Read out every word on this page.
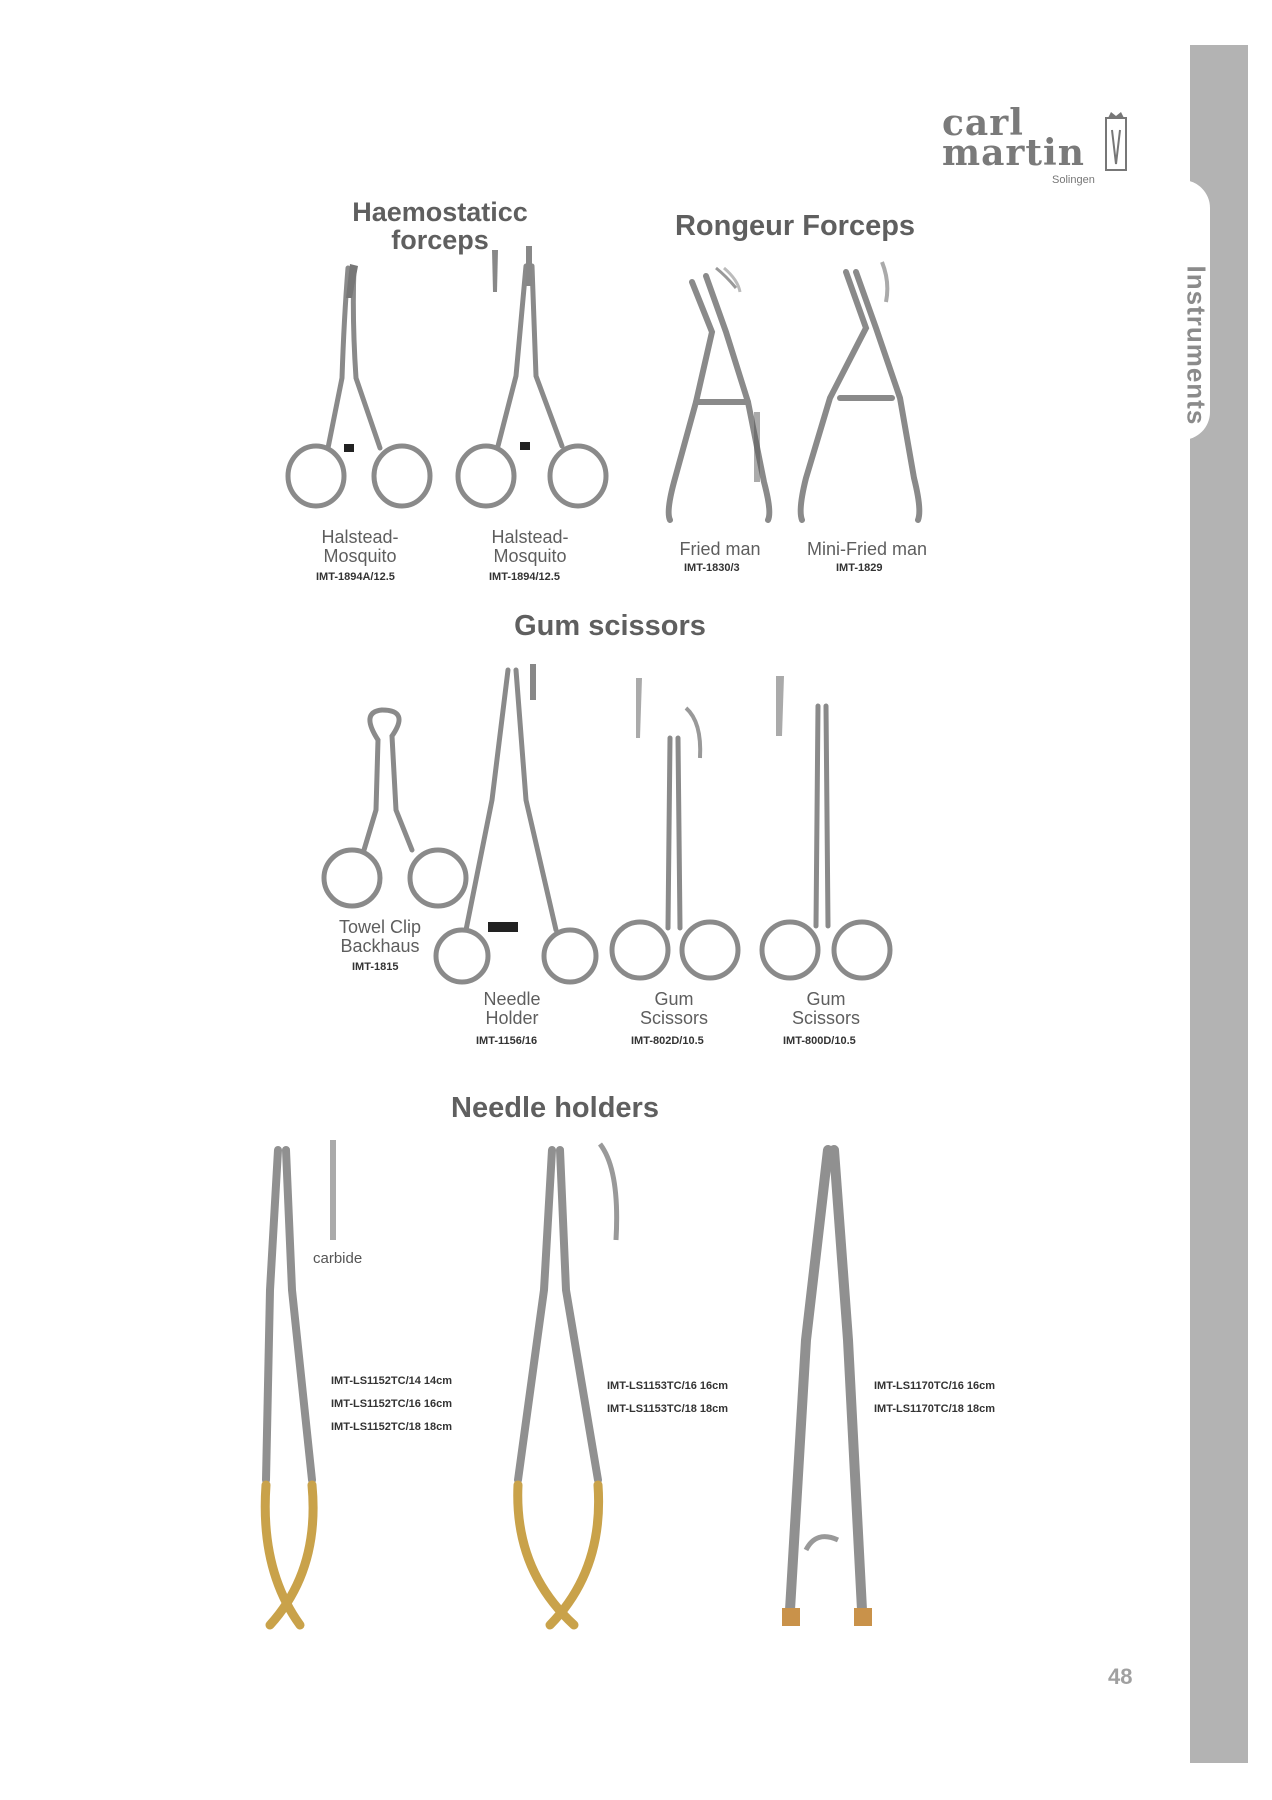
Instruments
carl
martin
Solingen
Haemostaticc
forceps
Halstead-
Mosquito
IMT-1894A/12.5
Halstead-
Mosquito
IMT-1894/12.5
Rongeur Forceps
Fried man
IMT-1830/3
Mini-Fried man
IMT-1829
Gum scissors
Towel Clip
Backhaus
IMT-1815
Needle
Holder
IMT-1156/16
Gum
Scissors
IMT-802D/10.5
Gum
Scissors
IMT-800D/10.5
Needle holders
carbide
IMT-LS1152TC/14 14cm
IMT-LS1152TC/16 16cm
IMT-LS1152TC/18 18cm
IMT-LS1153TC/16 16cm
IMT-LS1153TC/18 18cm
IMT-LS1170TC/16 16cm
IMT-LS1170TC/18 18cm
48
